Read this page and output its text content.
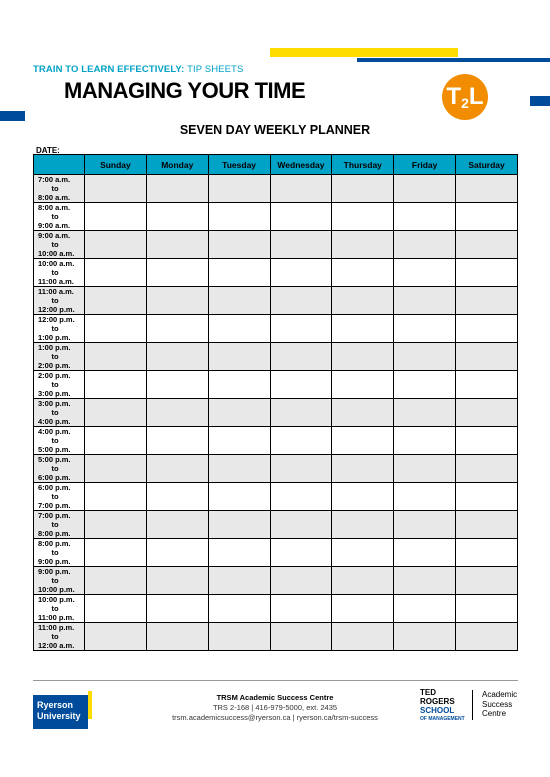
TRAIN TO LEARN EFFECTIVELY: TIP SHEETS
MANAGING YOUR TIME	T 2 L
SEVEN DAY WEEKLY PLANNER
DATE:
	Sunday	Monday	Tuesday	Wednesday	Thursday	Friday	Saturday

7:00 a.m.
to
8:00 a.m.							

8:00 a.m.
to
9:00 a.m.							

9:00 a.m.
to
10:00 a.m.							

10:00 a.m.
to
11:00 a.m.							

11:00 a.m.
to
12:00 p.m.							

12:00 p.m.
to
1:00 p.m.							

1:00 p.m.
to
2:00 p.m.							

2:00 p.m.
to
3:00 p.m.							

3:00 p.m.
to
4:00 p.m.							

4:00 p.m.
to
5:00 p.m.							

5:00 p.m.
to
6:00 p.m.							

6:00 p.m.
to
7:00 p.m.							

7:00 p.m.
to
8:00 p.m.							

8:00 p.m.
to
9:00 p.m.							

9:00 p.m.
to
10:00 p.m.							

10:00 p.m.
to
11:00 p.m.							

11:00 p.m.
to
12:00 a.m.							

Ryerson
University
TRSM Academic Success Centre
TRS 2-168 | 416-979-5000, ext. 2435
trsm.academicsuccess@ryerson.ca | ryerson.ca/trsm-success
TED
ROGERS
SCHOOL
OF MANAGEMENT
Academic
Success
Centre
